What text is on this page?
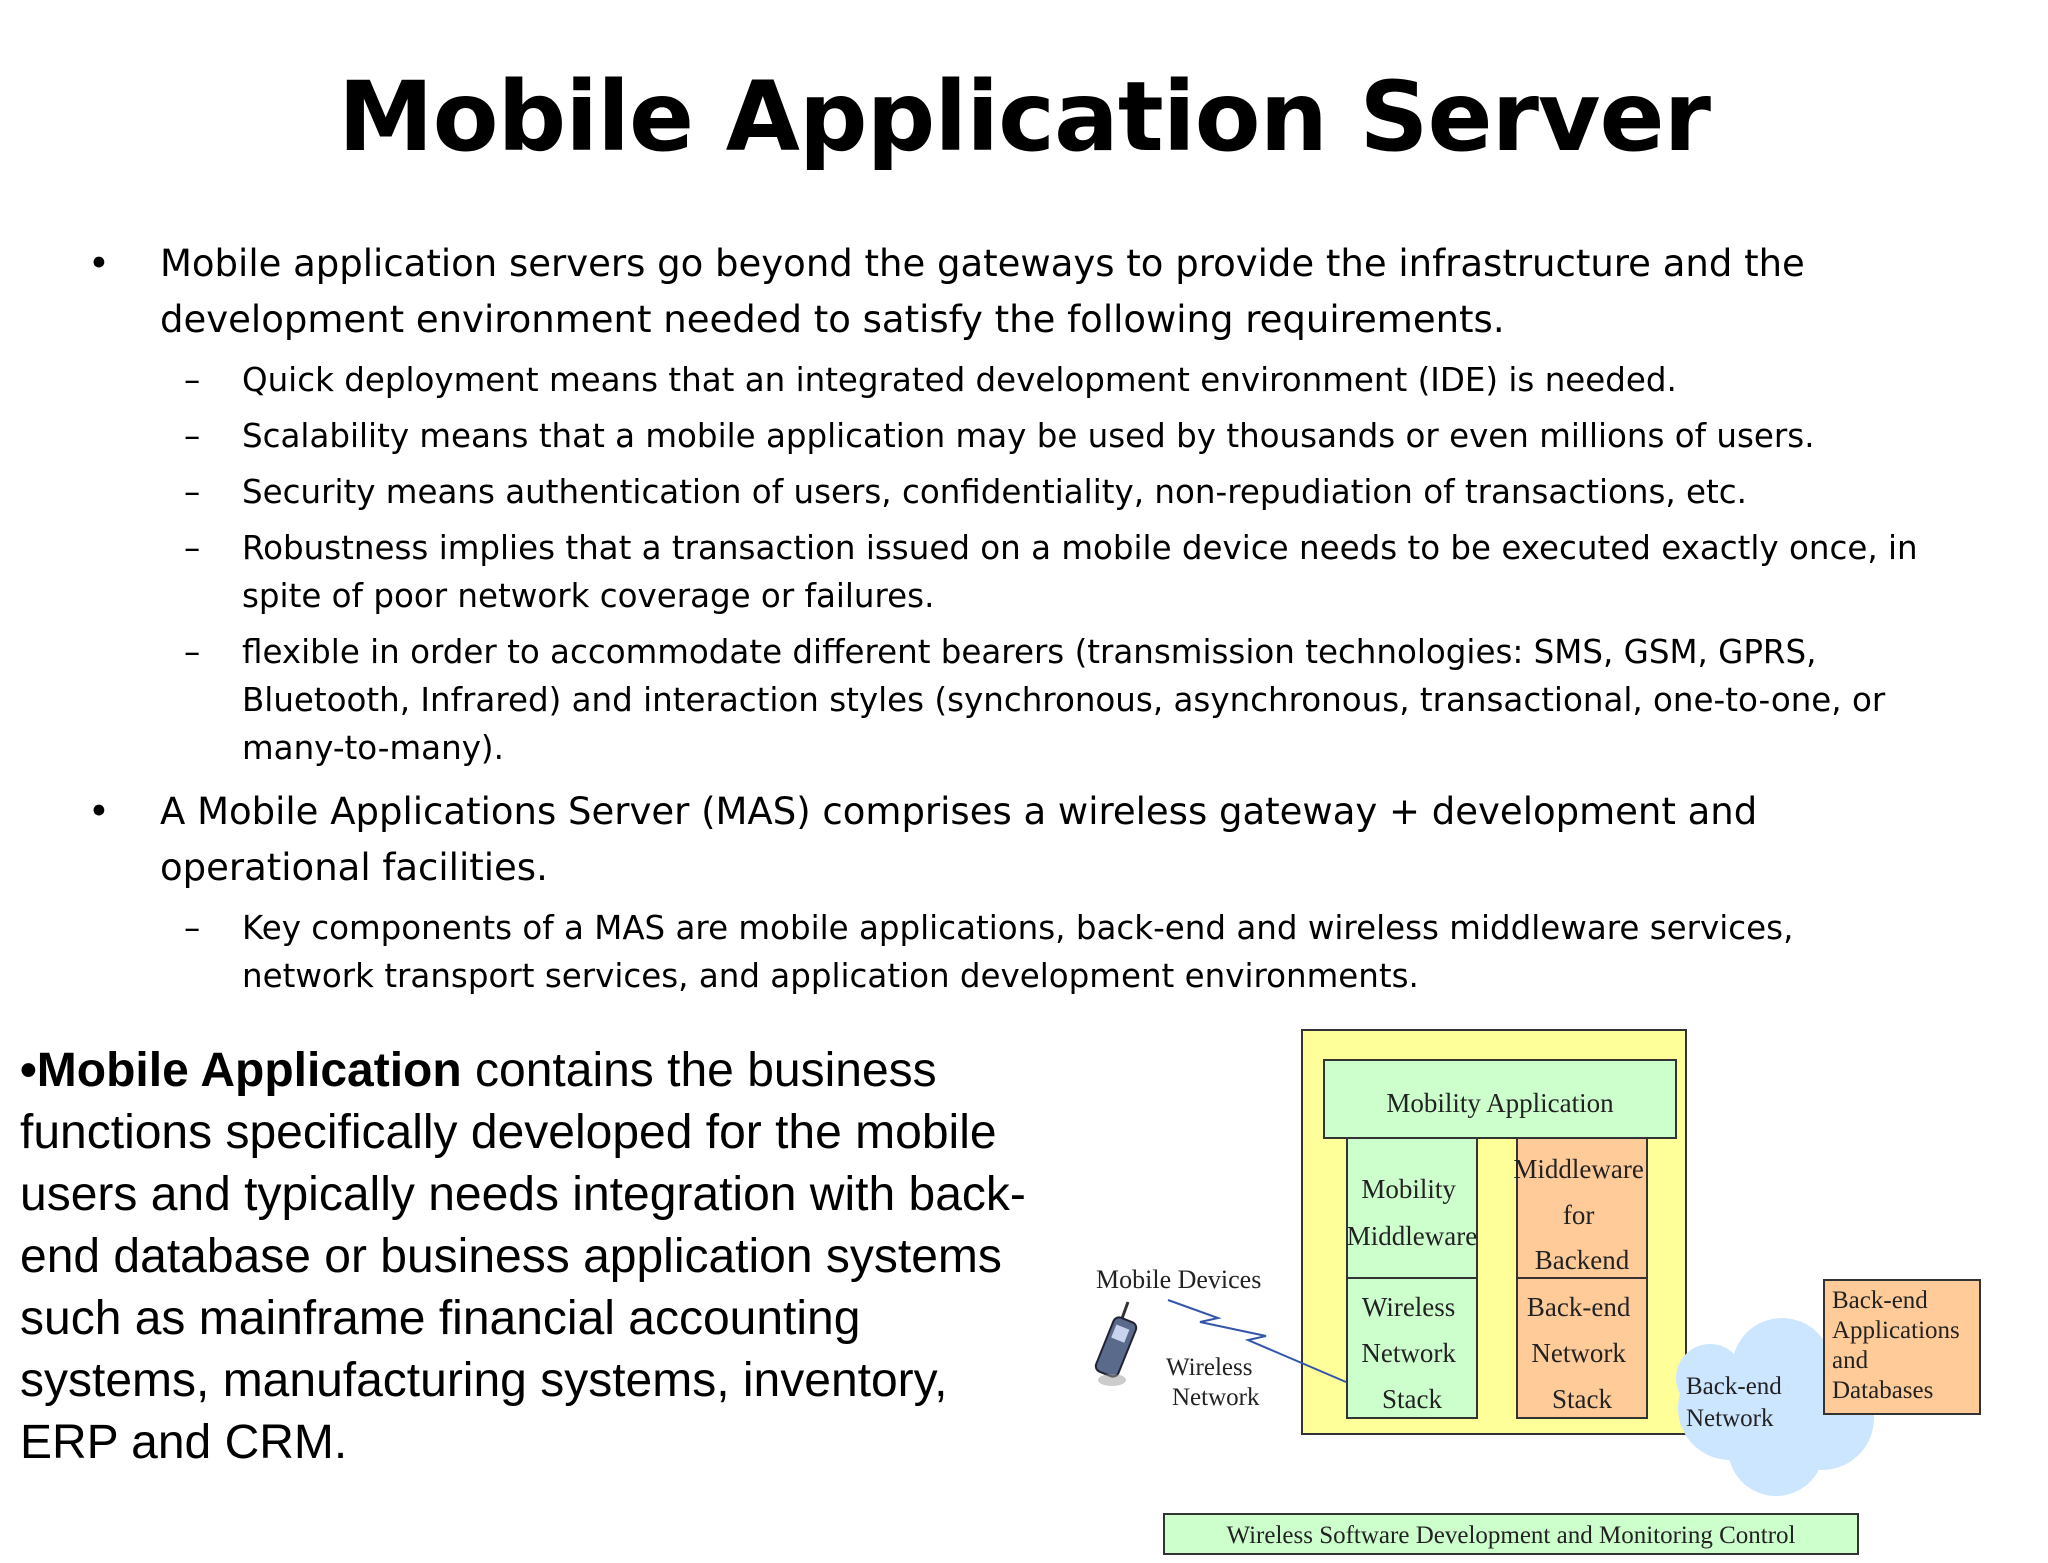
Mobile Application Server
• Mobile application servers go beyond the gateways to provide the infrastructure and the development environment needed to satisfy the following requirements.
– Quick deployment means that an integrated development environment (IDE) is needed.
– Scalability means that a mobile application may be used by thousands or even millions of users.
– Security means authentication of users, confidentiality, non-repudiation of transactions, etc.
– Robustness implies that a transaction issued on a mobile device needs to be executed exactly once, in spite of poor network coverage or failures.
– flexible in order to accommodate different bearers (transmission technologies: SMS, GSM, GPRS, Bluetooth, Infrared) and interaction styles (synchronous, asynchronous, transactional, one-to-one, or many-to-many).
• A Mobile Applications Server (MAS) comprises a wireless gateway + development and operational facilities.
– Key components of a MAS are mobile applications, back-end and wireless middleware services, network transport services, and application development environments.
•Mobile Application contains the business functions specifically developed for the mobile users and typically needs integration with back-end database or business application systems such as mainframe financial accounting systems, manufacturing systems, inventory, ERP and CRM.
Mobility Application
Mobility Middleware
Middleware for Backend
Wireless Network Stack
Back-end Network Stack
Mobile Devices
Wireless Network	Back-end Network
Back-end Applications and Databases
Wireless Software Development and Monitoring Control
